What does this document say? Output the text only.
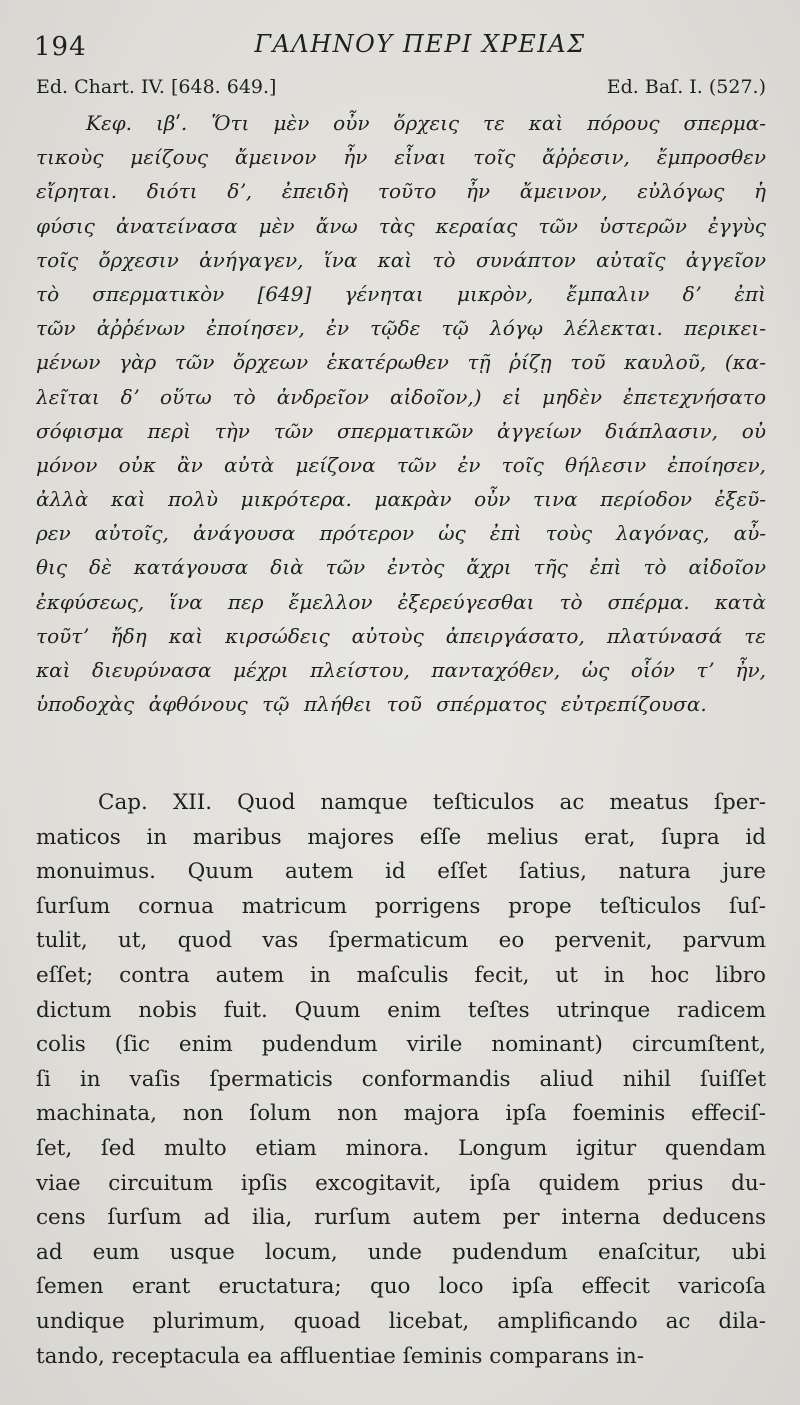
194	ΓΑΛΗΝΟΥ ΠΕΡΙ ΧΡΕΙΑΣ
Ed. Chart. IV. [648. 649.]	Ed. Baſ. I. (527.)
Κεφ. ιβʹ. Ὅτι μὲν οὖν ὄρχεις τε καὶ πόρους σπερμα-
τικοὺς μείζους ἄμεινον ἦν εἶναι τοῖς ἄῤῥεσιν, ἔμπροσθεν
εἴρηται. διότι δʼ, ἐπειδὴ τοῦτο ἦν ἄμεινον, εὐλόγως ἡ
φύσις ἀνατείνασα μὲν ἄνω τὰς κεραίας τῶν ὑστερῶν ἐγγὺς
τοῖς ὄρχεσιν ἀνήγαγεν, ἵνα καὶ τὸ συνάπτον αὐταῖς ἀγγεῖον
τὸ σπερματικὸν [649] γένηται μικρὸν, ἔμπαλιν δʼ ἐπὶ
τῶν ἀῤῥένων ἐποίησεν, ἐν τῷδε τῷ λόγῳ λέλεκται. περικει-
μένων γὰρ τῶν ὄρχεων ἑκατέρωθεν τῇ ῥίζῃ τοῦ καυλοῦ, (κα-
λεῖται δʼ οὕτω τὸ ἀνδρεῖον αἰδοῖον,) εἰ μηδὲν ἐπετεχνήσατο
σόφισμα περὶ τὴν τῶν σπερματικῶν ἀγγείων διάπλασιν, οὐ
μόνον οὐκ ἂν αὐτὰ μείζονα τῶν ἐν τοῖς θήλεσιν ἐποίησεν,
ἀλλὰ καὶ πολὺ μικρότερα. μακρὰν οὖν τινα περίοδον ἐξεῦ-
ρεν αὐτοῖς, ἀνάγουσα πρότερον ὡς ἐπὶ τοὺς λαγόνας, αὖ-
θις δὲ κατάγουσα διὰ τῶν ἐντὸς ἄχρι τῆς ἐπὶ τὸ αἰδοῖον
ἐκφύσεως, ἵνα περ ἔμελλον ἐξερεύγεσθαι τὸ σπέρμα. κατὰ
τοῦτʼ ἤδη καὶ κιρσώδεις αὐτοὺς ἀπειργάσατο, πλατύνασά τε
καὶ διευρύνασα μέχρι πλείστου, πανταχόθεν, ὡς οἷόν τʼ ἦν,
ὑποδοχὰς ἀφθόνους τῷ πλήθει τοῦ σπέρματος εὐτρεπίζουσα.
Cap. XII. Quod namque teſticulos ac meatus ſper-
maticos in maribus majores eſſe melius erat, ſupra id
monuimus. Quum autem id eſſet ſatius, natura jure
ſurſum cornua matricum porrigens prope teſticulos ſuſ-
tulit, ut, quod vas ſpermaticum eo pervenit, parvum
eſſet; contra autem in maſculis fecit, ut in hoc libro
dictum nobis fuit. Quum enim teſtes utrinque radicem
colis (ſic enim pudendum virile nominant) circumſtent,
ſi in vaſis ſpermaticis conformandis aliud nihil ſuiſſet
machinata, non ſolum non majora ipſa foeminis effeciſ-
ſet, ſed multo etiam minora. Longum igitur quendam
viae circuitum ipſis excogitavit, ipſa quidem prius du-
cens ſurſum ad ilia, rurſum autem per interna deducens
ad eum usque locum, unde pudendum enaſcitur, ubi
ſemen erant eructatura; quo loco ipſa effecit varicoſa
undique plurimum, quoad licebat, amplificando ac dila-
tando, receptacula ea affluentiae ſeminis comparans in-
